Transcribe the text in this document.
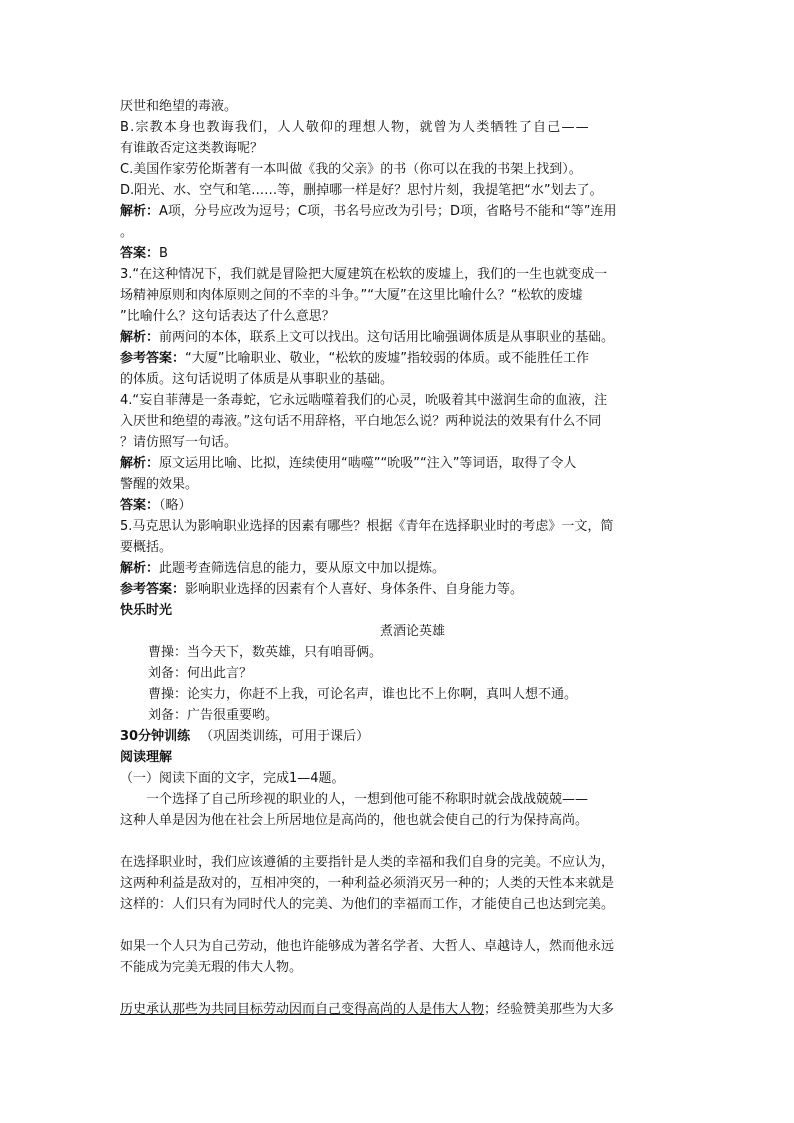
厌世和绝望的毒液。
B.宗教本身也教诲我们，人人敬仰的理想人物，就曾为人类牺牲了自己——
有谁敢否定这类教诲呢？
C.美国作家劳伦斯著有一本叫做《我的父亲》的书（你可以在我的书架上找到）。
D.阳光、水、空气和笔……等，删掉哪一样是好？思忖片刻，我提笔把“水”划去了。
解析：A项，分号应改为逗号；C项，书名号应改为引号；D项，省略号不能和“等”连用
。
答案：B
3.“在这种情况下，我们就是冒险把大厦建筑在松软的废墟上，我们的一生也就变成一
场精神原则和肉体原则之间的不幸的斗争。”“大厦”在这里比喻什么？“松软的废墟
”比喻什么？这句话表达了什么意思？
解析：前两问的本体，联系上文可以找出。这句话用比喻强调体质是从事职业的基础。
参考答案：“大厦”比喻职业、敬业，“松软的废墟”指较弱的体质。或不能胜任工作
的体质。这句话说明了体质是从事职业的基础。
4.“妄自菲薄是一条毒蛇，它永远啮噬着我们的心灵，吮吸着其中滋润生命的血液，注
入厌世和绝望的毒液。”这句话不用辞格，平白地怎么说？两种说法的效果有什么不同
？请仿照写一句话。
解析：原文运用比喻、比拟，连续使用“啮噬”“吮吸”“注入”等词语，取得了令人
警醒的效果。
答案：（略）
5.马克思认为影响职业选择的因素有哪些？根据《青年在选择职业时的考虑》一文，简
要概括。
解析：此题考查筛选信息的能力，要从原文中加以提炼。
参考答案：影响职业选择的因素有个人喜好、身体条件、自身能力等。
快乐时光
煮酒论英雄
曹操：当今天下，数英雄，只有咱哥俩。
刘备：何出此言？
曹操：论实力，你赶不上我，可论名声，谁也比不上你啊，真叫人想不通。
刘备：广告很重要哟。
30分钟训练 （巩固类训练，可用于课后）
阅读理解
（一）阅读下面的文字，完成1—4题。
一个选择了自己所珍视的职业的人，一想到他可能不称职时就会战战兢兢——
这种人单是因为他在社会上所居地位是高尚的，他也就会使自己的行为保持高尚。
在选择职业时，我们应该遵循的主要指针是人类的幸福和我们自身的完美。不应认为，
这两种利益是敌对的，互相冲突的，一种利益必须消灭另一种的；人类的天性本来就是
这样的：人们只有为同时代人的完美、为他们的幸福而工作，才能使自己也达到完美。
如果一个人只为自己劳动，他也许能够成为著名学者、大哲人、卓越诗人，然而他永远
不能成为完美无瑕的伟大人物。
历史承认那些为共同目标劳动因而自己变得高尚的人是伟大人物；经验赞美那些为大多
